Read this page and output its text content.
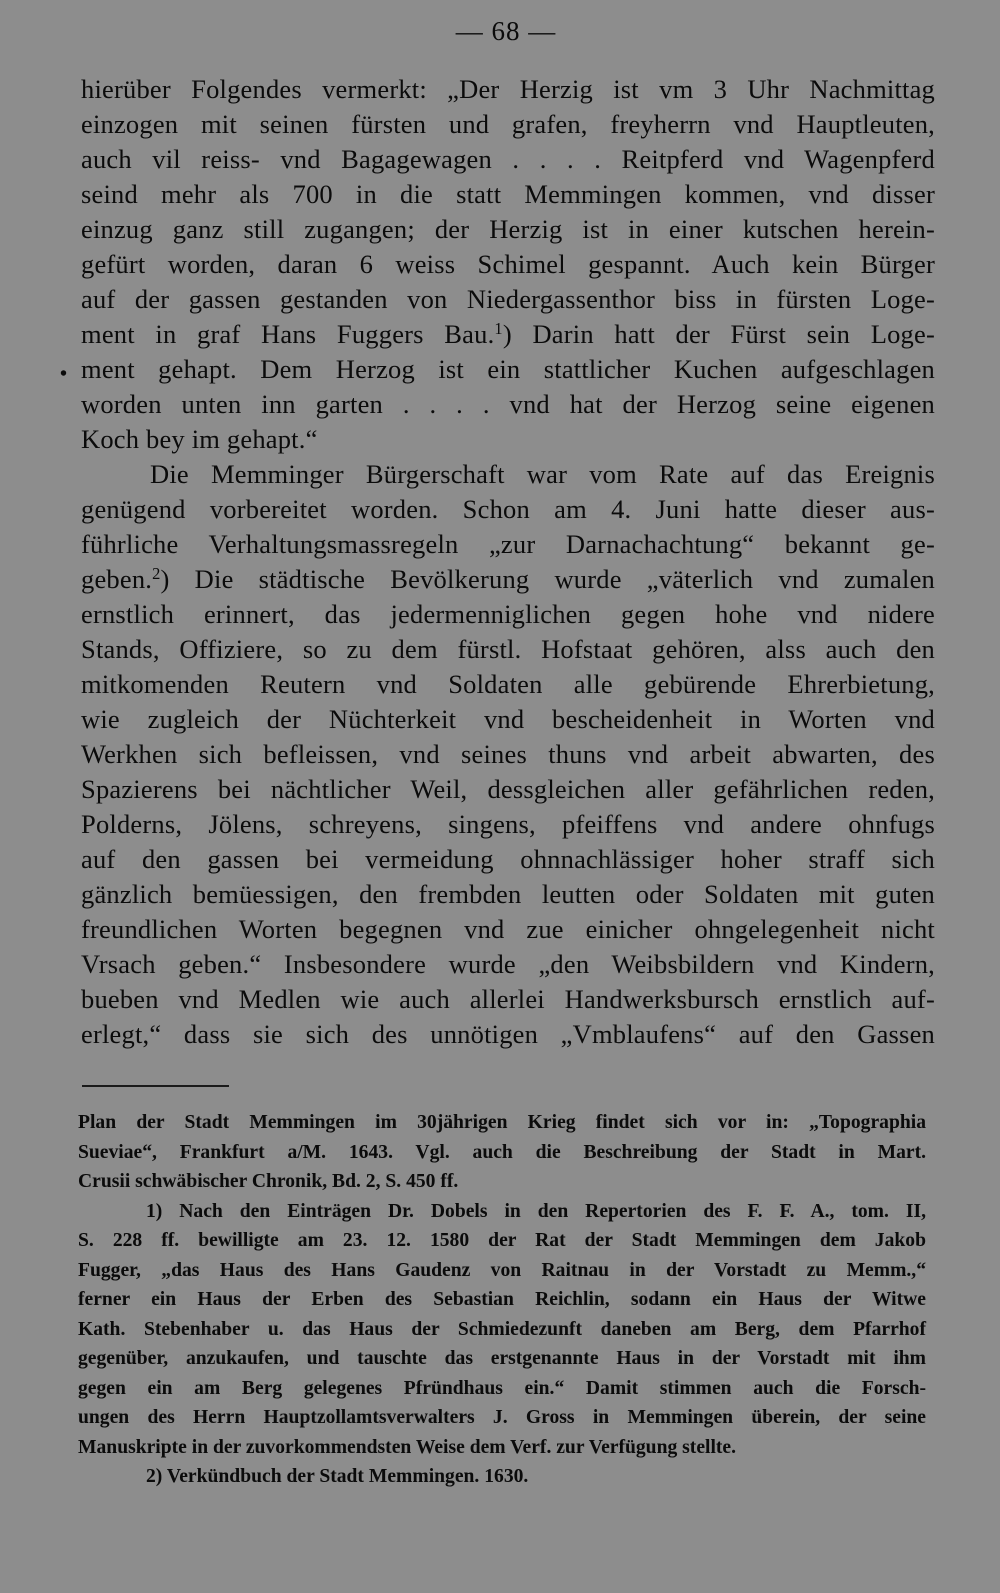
— 68 —
•
hierüber Folgendes vermerkt: „Der Herzig ist vm 3 Uhr Nachmittag
einzogen mit seinen fürsten und grafen, freyherrn vnd Hauptleuten,
auch vil reiss- vnd Bagagewagen . . . . Reitpferd vnd Wagenpferd
seind mehr als 700 in die statt Memmingen kommen, vnd disser
einzug ganz still zugangen; der Herzig ist in einer kutschen herein-
gefürt worden, daran 6 weiss Schimel gespannt. Auch kein Bürger
auf der gassen gestanden von Niedergassenthor biss in fürsten Loge-
ment in graf Hans Fuggers Bau.$^1$) Darin hatt der Fürst sein Loge-
ment gehapt. Dem Herzog ist ein stattlicher Kuchen aufgeschlagen
worden unten inn garten . . . . vnd hat der Herzog seine eigenen
Koch bey im gehapt.“
Die Memminger Bürgerschaft war vom Rate auf das Ereignis
genügend vorbereitet worden. Schon am 4. Juni hatte dieser aus-
führliche Verhaltungsmassregeln „zur Darnachachtung“ bekannt ge-
geben.$^2$) Die städtische Bevölkerung wurde „väterlich vnd zumalen
ernstlich erinnert, das jedermenniglichen gegen hohe vnd nidere
Stands, Offiziere, so zu dem fürstl. Hofstaat gehören, alss auch den
mitkomenden Reutern vnd Soldaten alle gebürende Ehrerbietung,
wie zugleich der Nüchterkeit vnd bescheidenheit in Worten vnd
Werkhen sich befleissen, vnd seines thuns vnd arbeit abwarten, des
Spazierens bei nächtlicher Weil, dessgleichen aller gefährlichen reden,
Polderns, Jölens, schreyens, singens, pfeiffens vnd andere ohnfugs
auf den gassen bei vermeidung ohnnachlässiger hoher straff sich
gänzlich bemüessigen, den frembden leutten oder Soldaten mit guten
freundlichen Worten begegnen vnd zue einicher ohngelegenheit nicht
Vrsach geben.“ Insbesondere wurde „den Weibsbildern vnd Kindern,
bueben vnd Medlen wie auch allerlei Handwerksbursch ernstlich auf-
erlegt,“ dass sie sich des unnötigen „Vmblaufens“ auf den Gassen
Plan der Stadt Memmingen im 30jährigen Krieg findet sich vor in: „Topographia
Sueviae“, Frankfurt a/M. 1643. Vgl. auch die Beschreibung der Stadt in Mart.
Crusii schwäbischer Chronik, Bd. 2, S. 450 ff.
1) Nach den Einträgen Dr. Dobels in den Repertorien des F. F. A., tom. II,
S. 228 ff. bewilligte am 23. 12. 1580 der Rat der Stadt Memmingen dem Jakob
Fugger, „das Haus des Hans Gaudenz von Raitnau in der Vorstadt zu Memm.,“
ferner ein Haus der Erben des Sebastian Reichlin, sodann ein Haus der Witwe
Kath. Stebenhaber u. das Haus der Schmiedezunft daneben am Berg, dem Pfarrhof
gegenüber, anzukaufen, und tauschte das erstgenannte Haus in der Vorstadt mit ihm
gegen ein am Berg gelegenes Pfründhaus ein.“ Damit stimmen auch die Forsch-
ungen des Herrn Hauptzollamtsverwalters J. Gross in Memmingen überein, der seine
Manuskripte in der zuvorkommendsten Weise dem Verf. zur Verfügung stellte.
2) Verkündbuch der Stadt Memmingen. 1630.
